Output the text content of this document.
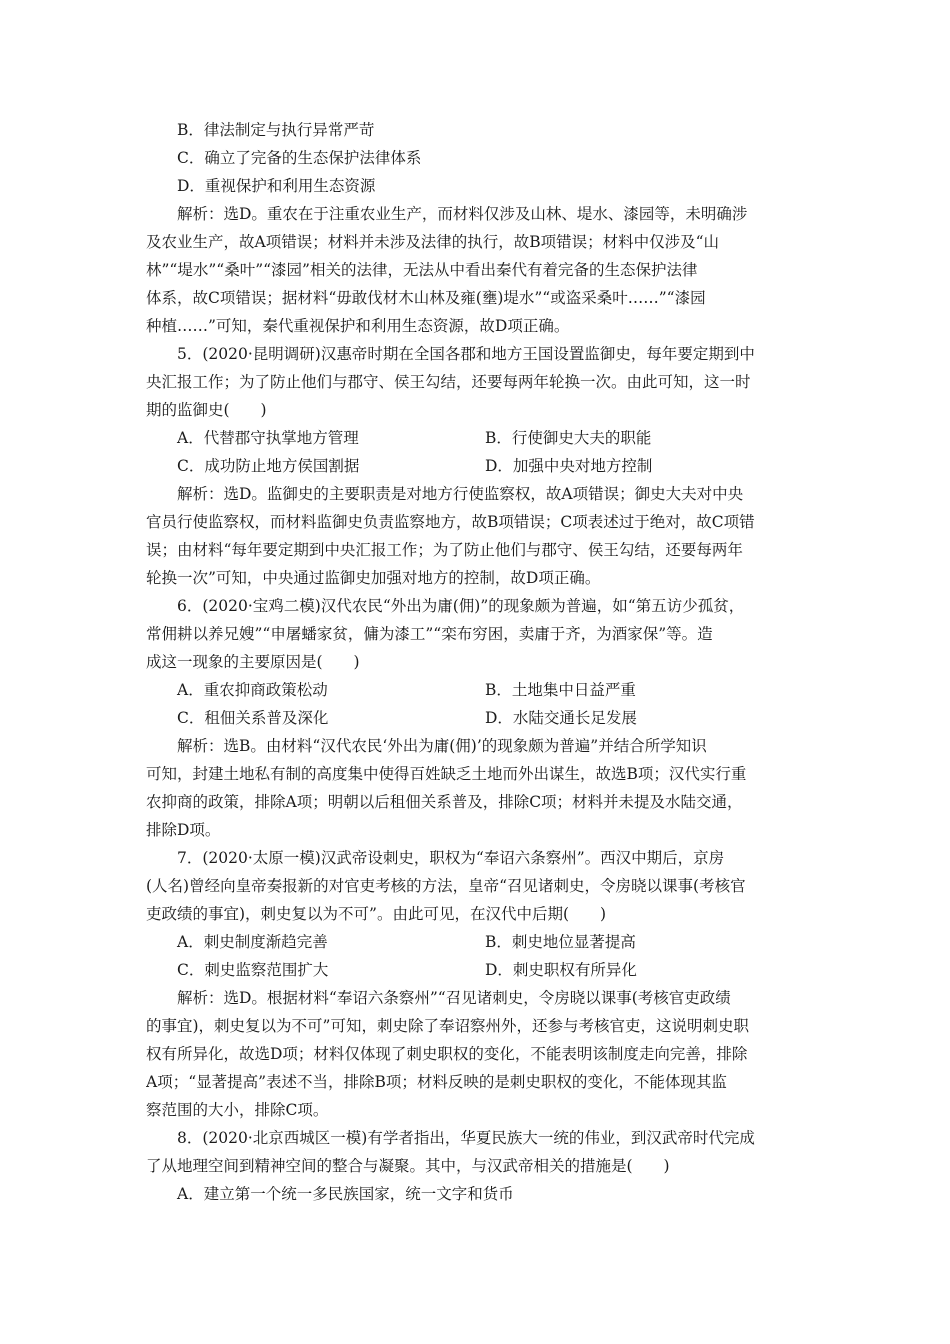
B．律法制定与执行异常严苛
C．确立了完备的生态保护法律体系
D．重视保护和利用生态资源
解析：选D。重农在于注重农业生产，而材料仅涉及山林、堤水、漆园等，未明确涉
及农业生产，故A项错误；材料并未涉及法律的执行，故B项错误；材料中仅涉及“山
林”“堤水”“桑叶”“漆园”相关的法律，无法从中看出秦代有着完备的生态保护法律
体系，故C项错误；据材料“毋敢伐材木山林及雍(壅)堤水”“或盗采桑叶……”“漆园
种植……”可知，秦代重视保护和利用生态资源，故D项正确。
5．(2020·昆明调研)汉惠帝时期在全国各郡和地方王国设置监御史，每年要定期到中
央汇报工作；为了防止他们与郡守、侯王勾结，还要每两年轮换一次。由此可知，这一时
期的监御史(　　)
A．代替郡守执掌地方管理	B．行使御史大夫的职能
C．成功防止地方侯国割据	D．加强中央对地方控制
解析：选D。监御史的主要职责是对地方行使监察权，故A项错误；御史大夫对中央
官员行使监察权，而材料监御史负责监察地方，故B项错误；C项表述过于绝对，故C项错
误；由材料“每年要定期到中央汇报工作；为了防止他们与郡守、侯王勾结，还要每两年
轮换一次”可知，中央通过监御史加强对地方的控制，故D项正确。
6．(2020·宝鸡二模)汉代农民“外出为庸(佣)”的现象颇为普遍，如“第五访少孤贫，
常佣耕以养兄嫂”“申屠蟠家贫，傭为漆工”“栾布穷困，卖庸于齐，为酒家保”等。造
成这一现象的主要原因是(　　)
A．重农抑商政策松动	B．土地集中日益严重
C．租佃关系普及深化	D．水陆交通长足发展
解析：选B。由材料“汉代农民‘外出为庸(佣)’的现象颇为普遍”并结合所学知识
可知，封建土地私有制的高度集中使得百姓缺乏土地而外出谋生，故选B项；汉代实行重
农抑商的政策，排除A项；明朝以后租佃关系普及，排除C项；材料并未提及水陆交通，
排除D项。
7．(2020·太原一模)汉武帝设刺史，职权为“奉诏六条察州”。西汉中期后，京房
(人名)曾经向皇帝奏报新的对官吏考核的方法，皇帝“召见诸刺史，令房晓以课事(考核官
吏政绩的事宜)，刺史复以为不可”。由此可见，在汉代中后期(　　)
A．刺史制度渐趋完善	B．刺史地位显著提高
C．刺史监察范围扩大	D．刺史职权有所异化
解析：选D。根据材料“奉诏六条察州”“召见诸刺史，令房晓以课事(考核官吏政绩
的事宜)，刺史复以为不可”可知，刺史除了奉诏察州外，还参与考核官吏，这说明刺史职
权有所异化，故选D项；材料仅体现了刺史职权的变化，不能表明该制度走向完善，排除
A项；“显著提高”表述不当，排除B项；材料反映的是刺史职权的变化，不能体现其监
察范围的大小，排除C项。
8．(2020·北京西城区一模)有学者指出，华夏民族大一统的伟业，到汉武帝时代完成
了从地理空间到精神空间的整合与凝聚。其中，与汉武帝相关的措施是(　　)
A．建立第一个统一多民族国家，统一文字和货币
